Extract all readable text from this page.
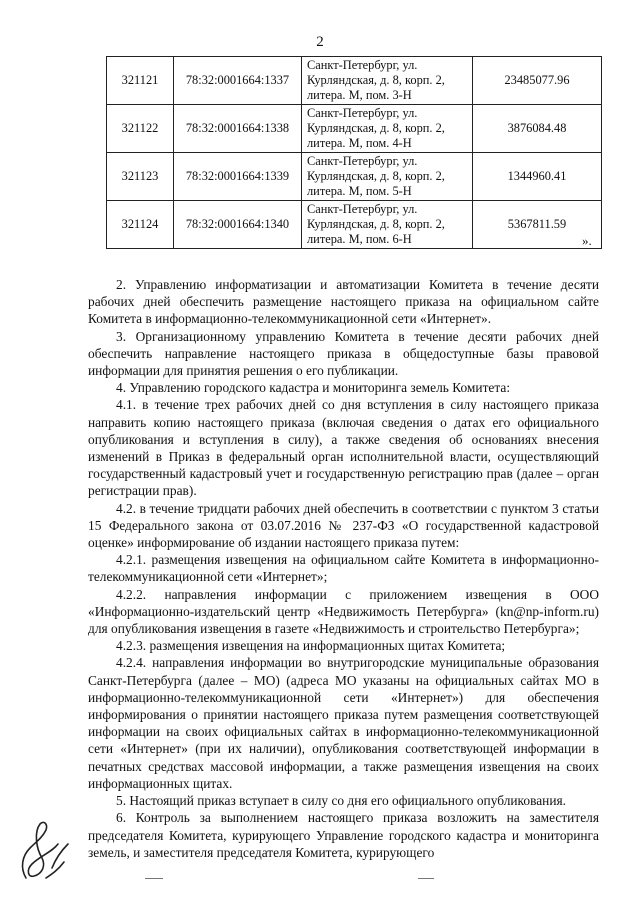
2
321121	78:32:0001664:1337	Санкт-Петербург, ул.
Курляндская, д. 8, корп. 2,
литера. М, пом. 3-Н	23485077.96
321122	78:32:0001664:1338	Санкт-Петербург, ул.
Курляндская, д. 8, корп. 2,
литера. М, пом. 4-Н	3876084.48
321123	78:32:0001664:1339	Санкт-Петербург, ул.
Курляндская, д. 8, корп. 2,
литера. М, пом. 5-Н	1344960.41
321124	78:32:0001664:1340	Санкт-Петербург, ул.
Курляндская, д. 8, корп. 2,
литера. М, пом. 6-Н	5367811.59
».

2. Управлению информатизации и автоматизации Комитета в течение десяти рабочих дней обеспечить размещение настоящего приказа на официальном сайте Комитета в информационно-телекоммуникационной сети «Интернет».

3. Организационному управлению Комитета в течение десяти рабочих дней обеспечить направление настоящего приказа в общедоступные базы правовой информации для принятия решения о его публикации.

4. Управлению городского кадастра и мониторинга земель Комитета:

4.1. в течение трех рабочих дней со дня вступления в силу настоящего приказа направить копию настоящего приказа (включая сведения о датах его официального опубликования и вступления в силу), а также сведения об основаниях внесения изменений в Приказ в федеральный орган исполнительной власти, осуществляющий государственный кадастровый учет и государственную регистрацию прав (далее – орган регистрации прав).

4.2. в течение тридцати рабочих дней обеспечить в соответствии с пунктом 3 статьи 15 Федерального закона от 03.07.2016 № 237-ФЗ «О государственной кадастровой оценке» информирование об издании настоящего приказа путем:

4.2.1. размещения извещения на официальном сайте Комитета в информационно-телекоммуникационной сети «Интернет»;

4.2.2. направления информации с приложением извещения в ООО «Информационно-издательский центр «Недвижимость Петербурга» (kn@np-inform.ru) для опубликования извещения в газете «Недвижимость и строительство Петербурга»;

4.2.3. размещения извещения на информационных щитах Комитета;

4.2.4. направления информации во внутригородские муниципальные образования Санкт-Петербурга (далее – МО) (адреса МО указаны на официальных сайтах МО в информационно-телекоммуникационной сети «Интернет») для обеспечения информирования о принятии настоящего приказа путем размещения соответствующей информации на своих официальных сайтах в информационно-телекоммуникационной сети «Интернет» (при их наличии), опубликования соответствующей информации в печатных средствах массовой информации, а также размещения извещения на своих информационных щитах.

5. Настоящий приказ вступает в силу со дня его официального опубликования.

6. Контроль за выполнением настоящего приказа возложить на заместителя председателя Комитета, курирующего Управление городского кадастра и мониторинга земель, и заместителя председателя Комитета, курирующего
